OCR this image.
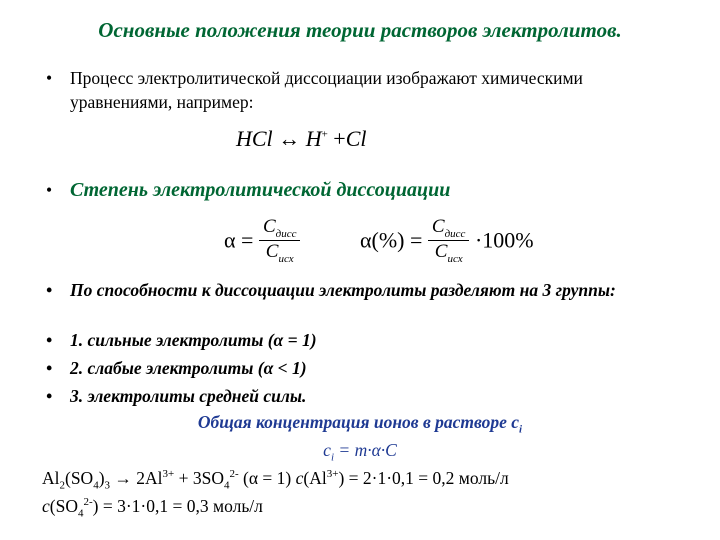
Основные положения теории растворов электролитов.
• Процесс электролитической диссоциации изображают химическими уравнениями, например:
HCl ↔ H+ +Cl
• Степень электролитической диссоциации
$\alpha = \frac{C_{дисс}}{C_{исх}}$	$\alpha(\%) = \frac{C_{дисс}}{C_{исх}} \cdot 100\%$
• По способности к диссоциации электролиты разделяют на 3 группы:
• 1. сильные электролиты (α = 1)
• 2. слабые электролиты (α < 1)
• 3. электролиты средней силы.
Общая концентрация ионов в растворе $c_i$
$c_i = m\cdot\alpha\cdot C$
$Al_2(SO_4)_3 \to 2Al^{3+} + 3SO_4^{2-}$ (α = 1) $c(Al^{3+}) = 2\cdot 1\cdot 0,1 = 0,2$ моль/л
$c(SO_4^{2-}) = 3\cdot 1\cdot 0,1 = 0,3$ моль/л
